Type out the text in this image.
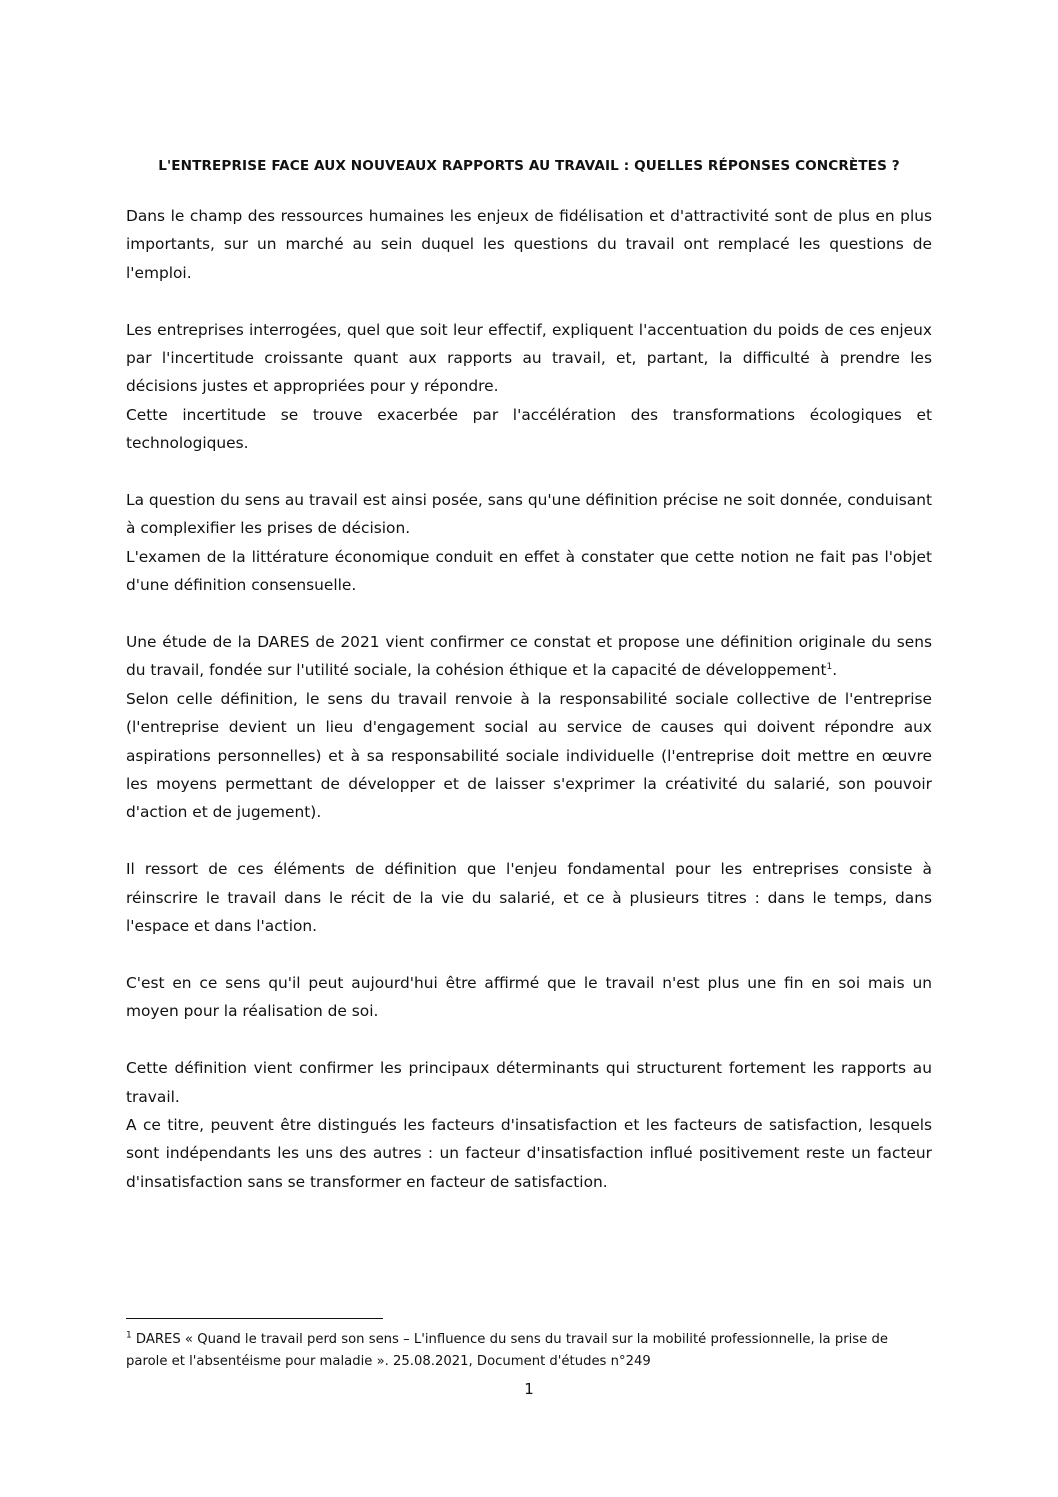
L'ENTREPRISE FACE AUX NOUVEAUX RAPPORTS AU TRAVAIL : QUELLES RÉPONSES CONCRÈTES ?

Dans le champ des ressources humaines les enjeux de fidélisation et d'attractivité sont de plus en plus importants, sur un marché au sein duquel les questions du travail ont remplacé les questions de l'emploi.

Les entreprises interrogées, quel que soit leur effectif, expliquent l'accentuation du poids de ces enjeux par l'incertitude croissante quant aux rapports au travail, et, partant, la difficulté à prendre les décisions justes et appropriées pour y répondre.

Cette incertitude se trouve exacerbée par l'accélération des transformations écologiques et technologiques.

La question du sens au travail est ainsi posée, sans qu'une définition précise ne soit donnée, conduisant à complexifier les prises de décision.

L'examen de la littérature économique conduit en effet à constater que cette notion ne fait pas l'objet d'une définition consensuelle.

Une étude de la DARES de 2021 vient confirmer ce constat et propose une définition originale du sens du travail, fondée sur l'utilité sociale, la cohésion éthique et la capacité de développement$^1$.

Selon celle définition, le sens du travail renvoie à la responsabilité sociale collective de l'entreprise (l'entreprise devient un lieu d'engagement social au service de causes qui doivent répondre aux aspirations personnelles) et à sa responsabilité sociale individuelle (l'entreprise doit mettre en œuvre les moyens permettant de développer et de laisser s'exprimer la créativité du salarié, son pouvoir d'action et de jugement).

Il ressort de ces éléments de définition que l'enjeu fondamental pour les entreprises consiste à réinscrire le travail dans le récit de la vie du salarié, et ce à plusieurs titres : dans le temps, dans l'espace et dans l'action.

C'est en ce sens qu'il peut aujourd'hui être affirmé que le travail n'est plus une fin en soi mais un moyen pour la réalisation de soi.

Cette définition vient confirmer les principaux déterminants qui structurent fortement les rapports au travail.

A ce titre, peuvent être distingués les facteurs d'insatisfaction et les facteurs de satisfaction, lesquels sont indépendants les uns des autres : un facteur d'insatisfaction influé positivement reste un facteur d'insatisfaction sans se transformer en facteur de satisfaction.

$^1$ DARES « Quand le travail perd son sens – L'influence du sens du travail sur la mobilité professionnelle, la prise de parole et l'absentéisme pour maladie ». 25.08.2021, Document d'études n°249
1
